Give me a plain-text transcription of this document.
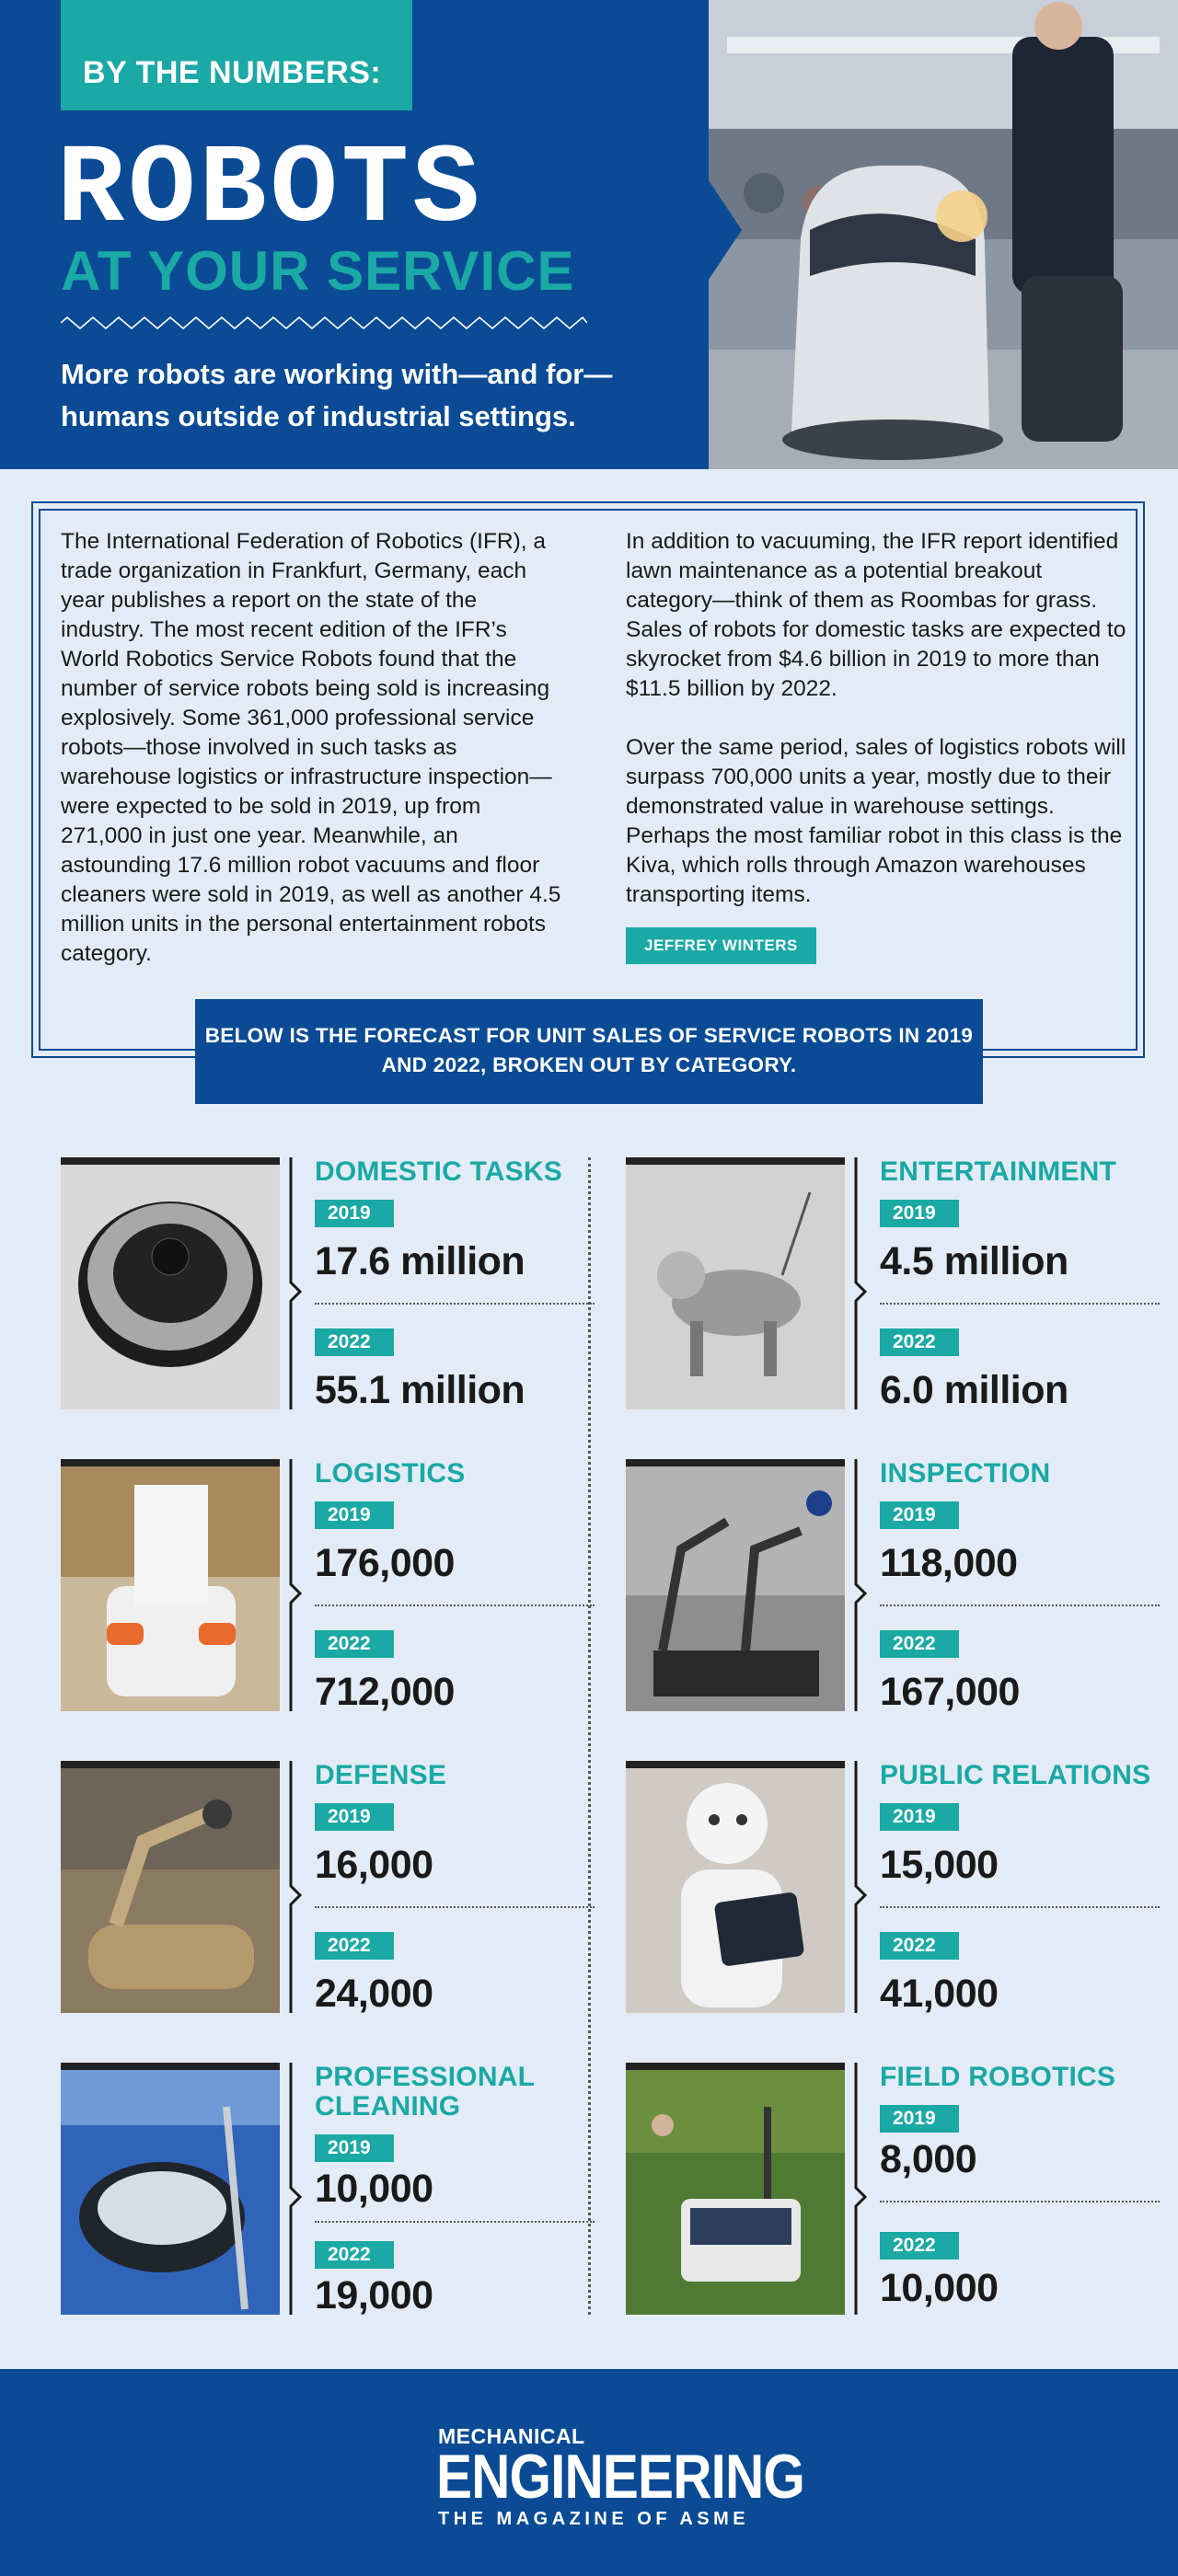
BY THE NUMBERS:
ROBOTS
AT YOUR SERVICE
More robots are working with—and for—humans outside of industrial settings.
The International Federation of Robotics (IFR), a trade organization in Frankfurt, Germany, each year publishes a report on the state of the industry. The most recent edition of the IFR’s World Robotics Service Robots found that the number of service robots being sold is increasing explosively. Some 361,000 professional service robots—those involved in such tasks as warehouse logistics or infrastructure inspection—were expected to be sold in 2019, up from 271,000 in just one year. Meanwhile, an astounding 17.6 million robot vacuums and floor cleaners were sold in 2019, as well as another 4.5 million units in the personal entertainment robots category.

In addition to vacuuming, the IFR report identified lawn maintenance as a potential breakout category—think of them as Roombas for grass. Sales of robots for domestic tasks are expected to skyrocket from $4.6 billion in 2019 to more than $11.5 billion by 2022.

Over the same period, sales of logistics robots will surpass 700,000 units a year, mostly due to their demonstrated value in warehouse settings. Perhaps the most familiar robot in this class is the Kiva, which rolls through Amazon warehouses transporting items.

JEFFREY WINTERS
BELOW IS THE FORECAST FOR UNIT SALES OF SERVICE ROBOTS IN 2019 AND 2022, BROKEN OUT BY CATEGORY.
DOMESTIC TASKS
2019
17.6 million
2022
55.1 million
ENTERTAINMENT
2019
4.5 million
2022
6.0 million
LOGISTICS
2019
176,000
2022
712,000
INSPECTION
2019
118,000
2022
167,000
DEFENSE
2019
16,000
2022
24,000
PUBLIC RELATIONS
2019
15,000
2022
41,000
PROFESSIONAL CLEANING
2019
10,000
2022
19,000
FIELD ROBOTICS
2019
8,000
2022
10,000
MECHANICAL
ENGINEERING
THE MAGAZINE OF ASME
